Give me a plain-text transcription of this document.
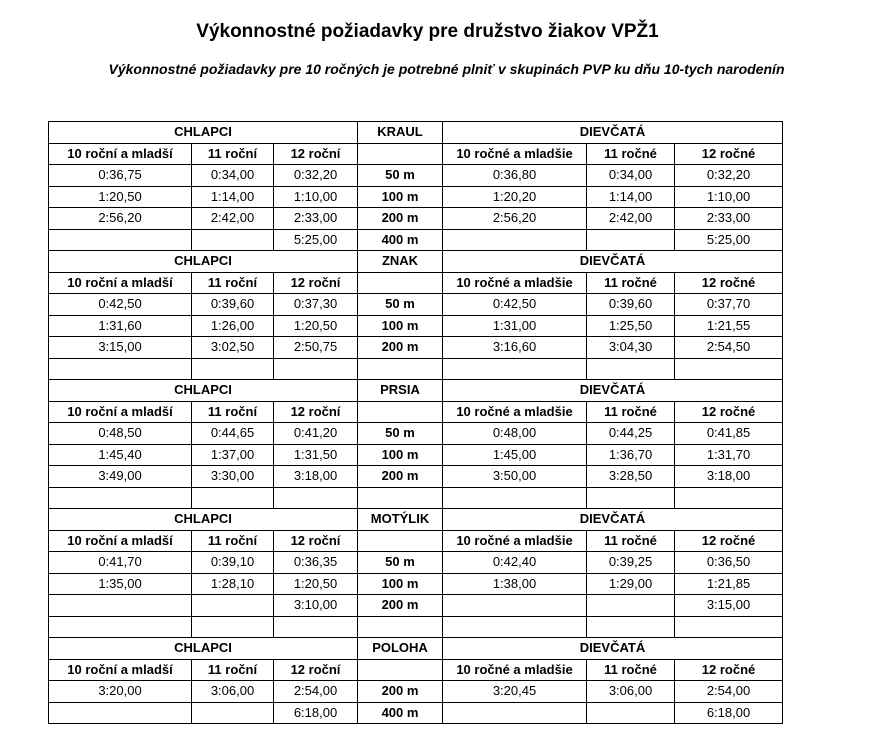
Výkonnostné požiadavky pre družstvo žiakov VPŽ1
Výkonnostné požiadavky pre 10 ročných je potrebné plniť v skupinách PVP ku dňu 10-tych narodenín
CHLAPCI			KRAUL	DIEVČATÁ		
10 roční a mladší	11 roční	12 roční		10 ročné a mladšie	11 ročné	12 ročné
0:36,75	0:34,00	0:32,20	50 m	0:36,80	0:34,00	0:32,20
1:20,50	1:14,00	1:10,00	100 m	1:20,20	1:14,00	1:10,00
2:56,20	2:42,00	2:33,00	200 m	2:56,20	2:42,00	2:33,00
		5:25,00	400 m			5:25,00
CHLAPCI			ZNAK	DIEVČATÁ		
10 roční a mladší	11 roční	12 roční		10 ročné a mladšie	11 ročné	12 ročné
0:42,50	0:39,60	0:37,30	50 m	0:42,50	0:39,60	0:37,70
1:31,60	1:26,00	1:20,50	100 m	1:31,00	1:25,50	1:21,55
3:15,00	3:02,50	2:50,75	200 m	3:16,60	3:04,30	2:54,50

CHLAPCI			PRSIA	DIEVČATÁ		
10 roční a mladší	11 roční	12 roční		10 ročné a mladšie	11 ročné	12 ročné
0:48,50	0:44,65	0:41,20	50 m	0:48,00	0:44,25	0:41,85
1:45,40	1:37,00	1:31,50	100 m	1:45,00	1:36,70	1:31,70
3:49,00	3:30,00	3:18,00	200 m	3:50,00	3:28,50	3:18,00

CHLAPCI			MOTÝLIK	DIEVČATÁ		
10 roční a mladší	11 roční	12 roční		10 ročné a mladšie	11 ročné	12 ročné
0:41,70	0:39,10	0:36,35	50 m	0:42,40	0:39,25	0:36,50
1:35,00	1:28,10	1:20,50	100 m	1:38,00	1:29,00	1:21,85
		3:10,00	200 m			3:15,00

CHLAPCI			POLOHA	DIEVČATÁ		
10 roční a mladší	11 roční	12 roční		10 ročné a mladšie	11 ročné	12 ročné
3:20,00	3:06,00	2:54,00	200 m	3:20,45	3:06,00	2:54,00
		6:18,00	400 m			6:18,00
